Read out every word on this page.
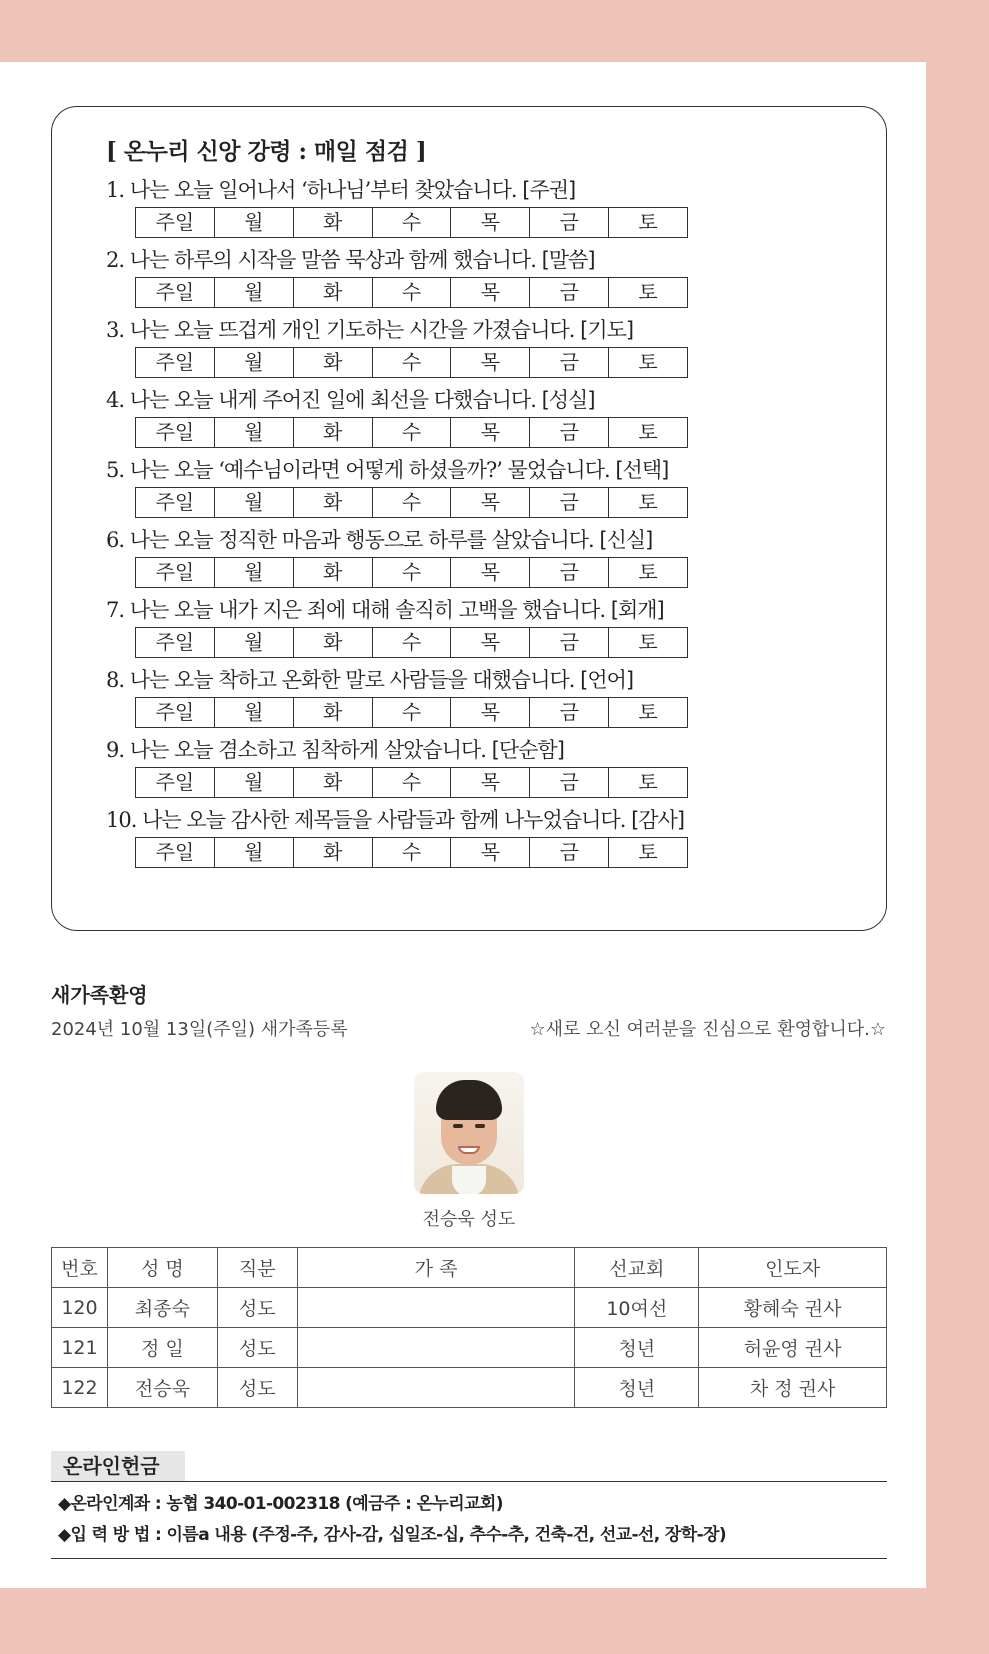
[ 온누리 신앙 강령 : 매일 점검 ]
1. 나는 오늘 일어나서 ‘하나님’부터 찾았습니다. [주권]
주일	월	화	수	목	금	토
2. 나는 하루의 시작을 말씀 묵상과 함께 했습니다. [말씀]
주일	월	화	수	목	금	토
3. 나는 오늘 뜨겁게 개인 기도하는 시간을 가졌습니다. [기도]
주일	월	화	수	목	금	토
4. 나는 오늘 내게 주어진 일에 최선을 다했습니다. [성실]
주일	월	화	수	목	금	토
5. 나는 오늘 ‘예수님이라면 어떻게 하셨을까?’ 물었습니다. [선택]
주일	월	화	수	목	금	토
6. 나는 오늘 정직한 마음과 행동으로 하루를 살았습니다. [신실]
주일	월	화	수	목	금	토
7. 나는 오늘 내가 지은 죄에 대해 솔직히 고백을 했습니다. [회개]
주일	월	화	수	목	금	토
8. 나는 오늘 착하고 온화한 말로 사람들을 대했습니다. [언어]
주일	월	화	수	목	금	토
9. 나는 오늘 겸소하고 침착하게 살았습니다. [단순함]
주일	월	화	수	목	금	토
10. 나는 오늘 감사한 제목들을 사람들과 함께 나누었습니다. [감사]
주일	월	화	수	목	금	토
새가족환영
2024년 10월 13일(주일) 새가족등록	☆새로 오신 여러분을 진심으로 환영합니다.☆
전승욱 성도
번호	성 명	직분	가 족	선교회	인도자
120	최종숙	성도		10여선	황혜숙 권사
121	정 일	성도		청년	허윤영 권사
122	전승욱	성도		청년	차 정 권사
온라인헌금
◆온라인계좌 : 농협 340-01-002318 (예금주 : 온누리교회)
◆입 력 방 법 : 이름a 내용 (주정-주, 감사-감, 십일조-십, 추수-추, 건축-건, 선교-선, 장학-장)
